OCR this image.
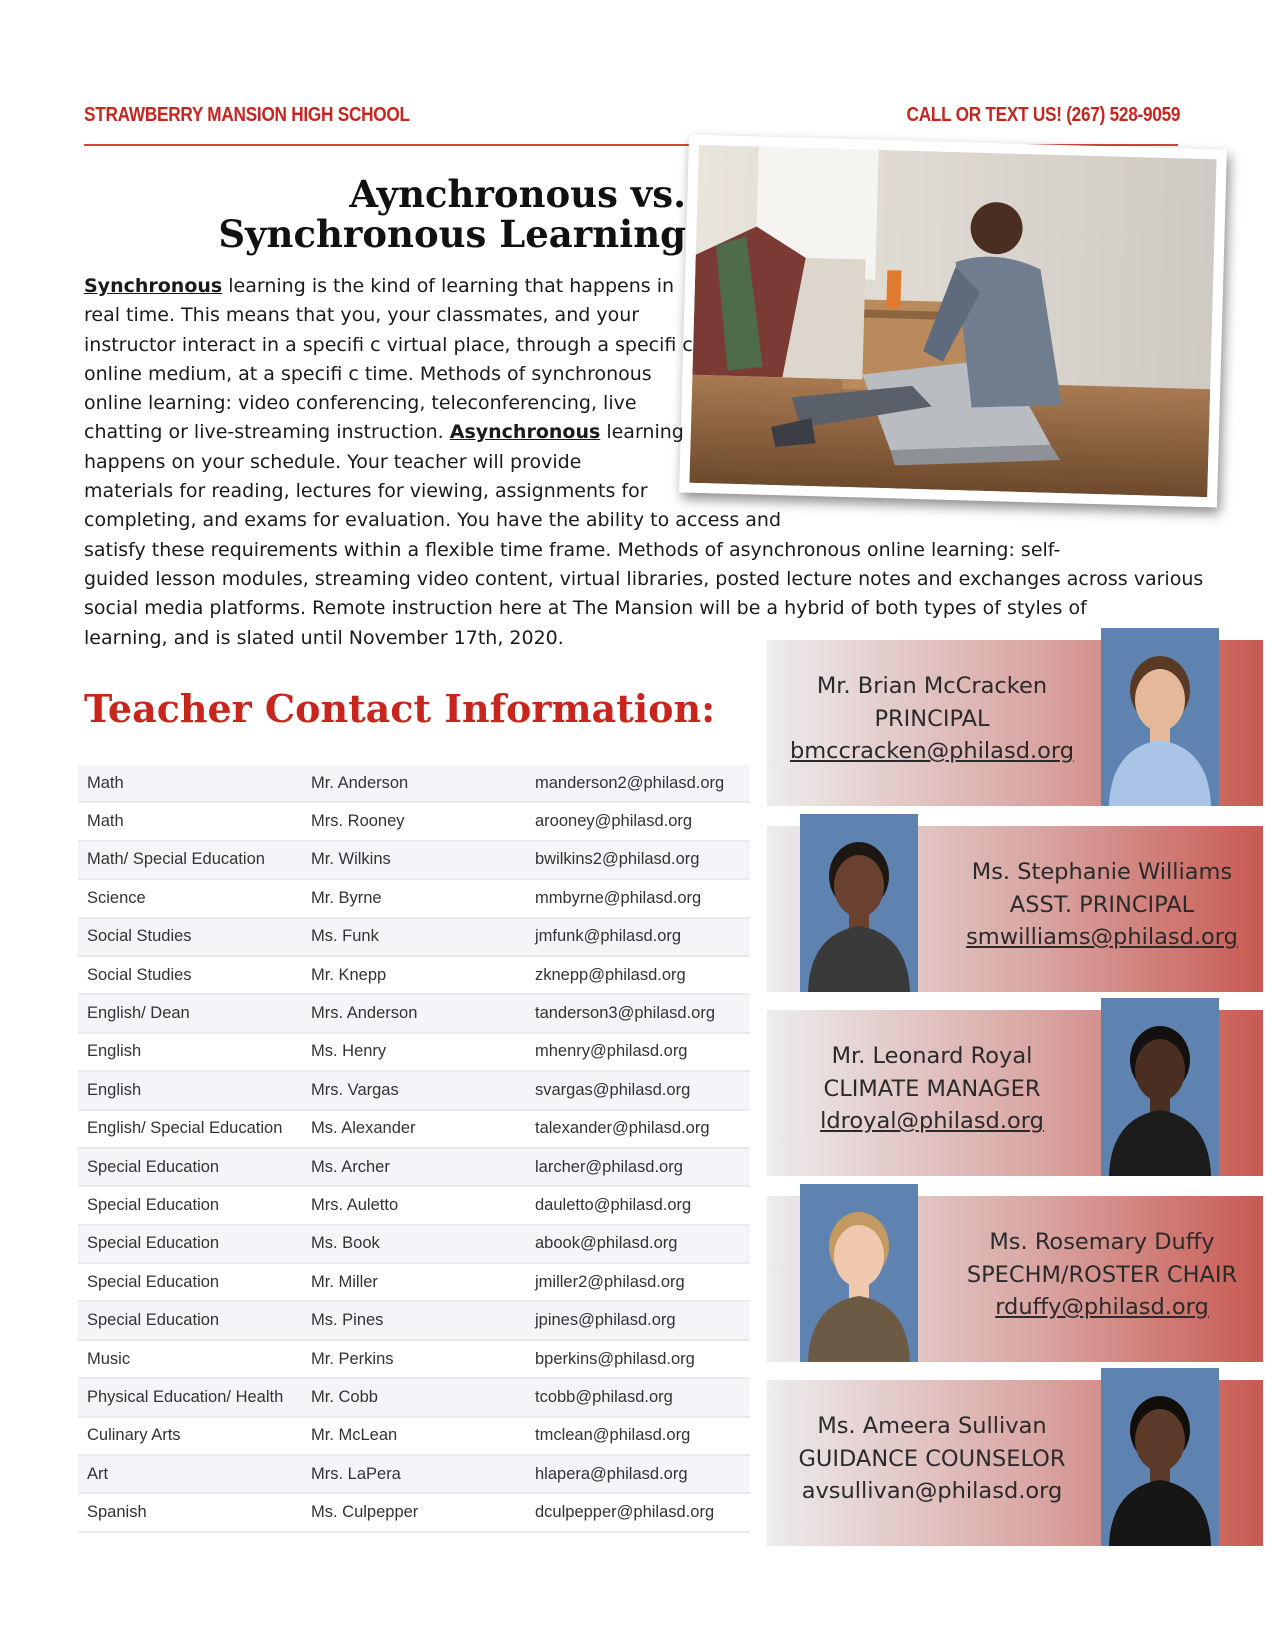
STRAWBERRY MANSION HIGH SCHOOL	CALL OR TEXT US! (267) 528-9059
Aynchronous vs.
Synchronous Learning
Synchronous learning is the kind of learning that happens in
real time. This means that you, your classmates, and your
instructor interact in a specifi c virtual place, through a specifi c
online medium, at a specifi c time. Methods of synchronous
online learning: video conferencing, teleconferencing, live
chatting or live-streaming instruction. Asynchronous learning
happens on your schedule. Your teacher will provide
materials for reading, lectures for viewing, assignments for
completing, and exams for evaluation. You have the ability to access and
satisfy these requirements within a flexible time frame. Methods of asynchronous online learning: self-
guided lesson modules, streaming video content, virtual libraries, posted lecture notes and exchanges across various
social media platforms. Remote instruction here at The Mansion will be a hybrid of both types of styles of
learning, and is slated until November 17th, 2020.
Teacher Contact Information:
Math	Mr. Anderson	manderson2@philasd.org
Math	Mrs. Rooney	arooney@philasd.org
Math/ Special Education	Mr. Wilkins	bwilkins2@philasd.org
Science	Mr. Byrne	mmbyrne@philasd.org
Social Studies	Ms. Funk	jmfunk@philasd.org
Social Studies	Mr. Knepp	zknepp@philasd.org
English/ Dean	Mrs. Anderson	tanderson3@philasd.org
English	Ms. Henry	mhenry@philasd.org
English	Mrs. Vargas	svargas@philasd.org
English/ Special Education	Ms. Alexander	talexander@philasd.org
Special Education	Ms. Archer	larcher@philasd.org
Special Education	Mrs. Auletto	dauletto@philasd.org
Special Education	Ms. Book	abook@philasd.org
Special Education	Mr. Miller	jmiller2@philasd.org
Special Education	Ms. Pines	jpines@philasd.org
Music	Mr. Perkins	bperkins@philasd.org
Physical Education/ Health	Mr. Cobb	tcobb@philasd.org
Culinary Arts	Mr. McLean	tmclean@philasd.org
Art	Mrs. LaPera	hlapera@philasd.org
Spanish	Ms. Culpepper	dculpepper@philasd.org
Mr. Brian McCracken
PRINCIPAL
bmccracken@philasd.org
Ms. Stephanie Williams
ASST. PRINCIPAL
smwilliams@philasd.org
Mr. Leonard Royal
CLIMATE MANAGER
ldroyal@philasd.org
Ms. Rosemary Duffy
SPECHM/ROSTER CHAIR
rduffy@philasd.org
Ms. Ameera Sullivan
GUIDANCE COUNSELOR
avsullivan@philasd.org
